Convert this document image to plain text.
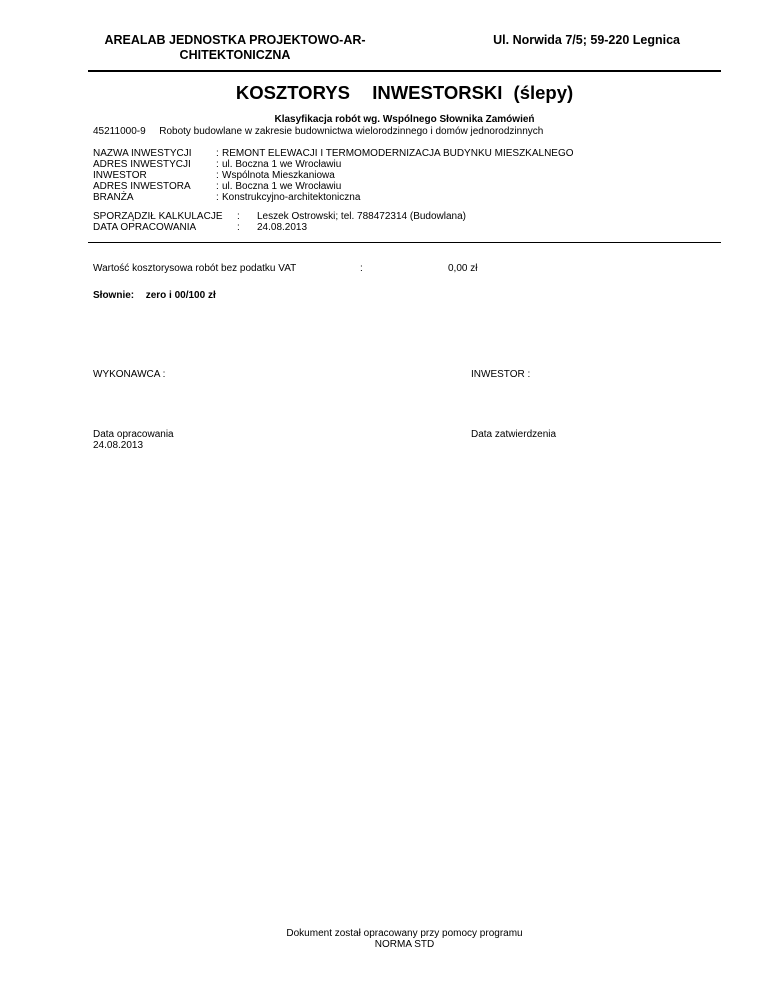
AREALAB JEDNOSTKA PROJEKTOWO-AR-
CHITEKTONICZNA
Ul. Norwida 7/5; 59-220 Legnica
KOSZTORYS  INWESTORSKI (ślepy)
Klasyfikacja robót wg. Wspólnego Słownika Zamówień
45211000-9 Roboty budowlane w zakresie budownictwa wielorodzinnego i domów jednorodzinnych
NAZWA INWESTYCJI : REMONT ELEWACJI I TERMOMODERNIZACJA BUDYNKU MIESZKALNEGO
ADRES INWESTYCJI	: ul. Boczna 1 we Wrocławiu
INWESTOR	: Wspólnota Mieszkaniowa
ADRES INWESTORA	: ul. Boczna 1 we Wrocławiu
BRANŻA	: Konstrukcyjno-architektoniczna
SPORZĄDZIŁ KALKULACJE : Leszek Ostrowski; tel. 788472314 (Budowlana)
DATA OPRACOWANIA	: 24.08.2013
Wartość kosztorysowa robót bez podatku VAT	:	0,00 zł
Słownie: zero i 00/100 zł
WYKONAWCA :	INWESTOR :
Data opracowania
24.08.2013
Data zatwierdzenia
Dokument został opracowany przy pomocy programu
NORMA STD
